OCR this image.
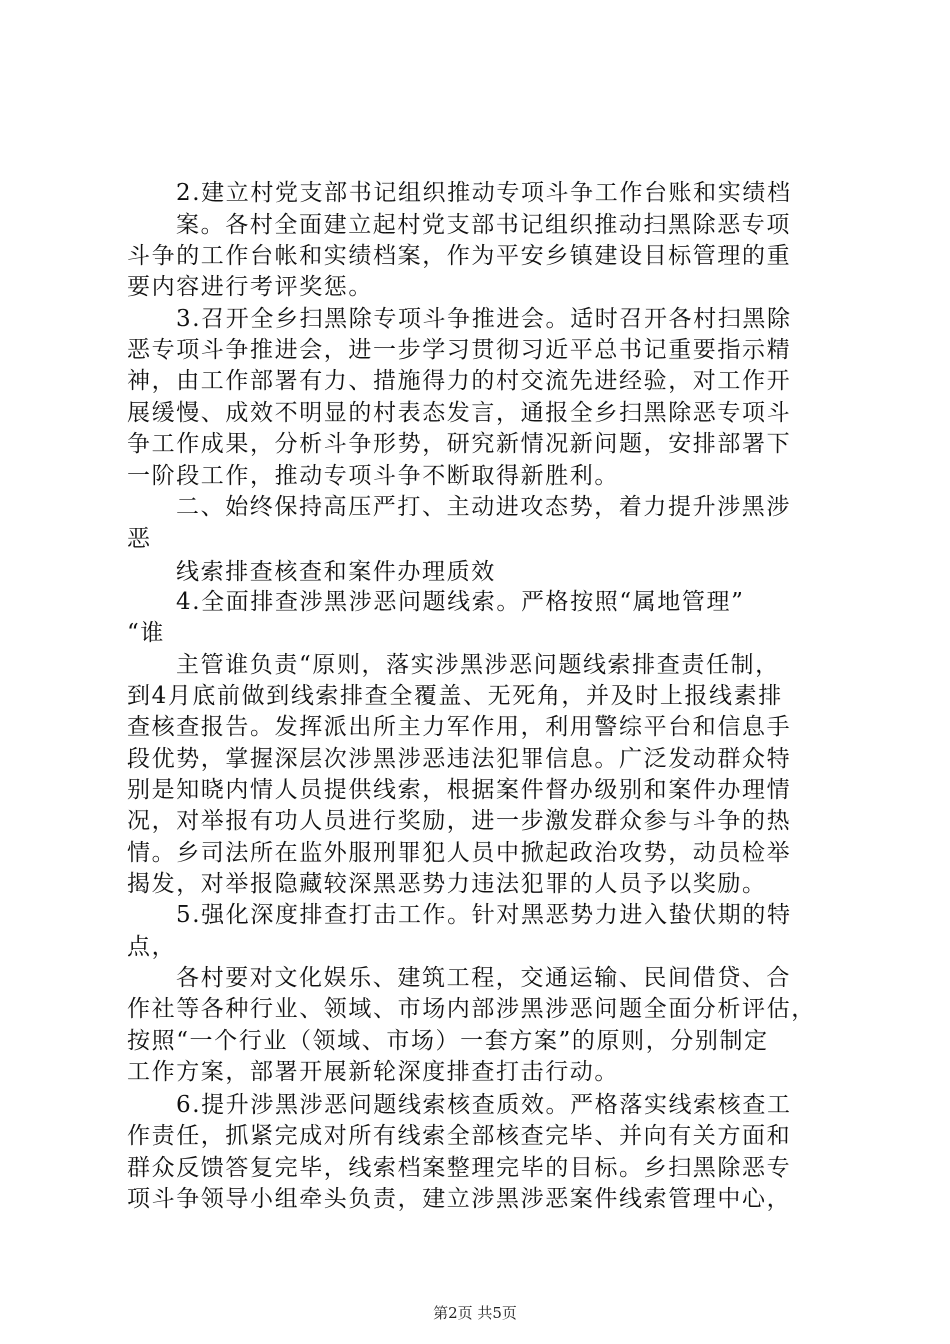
2.建立村党支部书记组织推动专项斗争工作台账和实绩档
案。各村全面建立起村党支部书记组织推动扫黑除恶专项
斗争的工作台帐和实绩档案，作为平安乡镇建设目标管理的重
要内容进行考评奖惩。
3.召开全乡扫黑除专项斗争推进会。适时召开各村扫黑除
恶专项斗争推进会，进一步学习贯彻习近平总书记重要指示精
神，由工作部署有力、措施得力的村交流先进经验，对工作开
展缓慢、成效不明显的村表态发言，通报全乡扫黑除恶专项斗
争工作成果，分析斗争形势，研究新情况新问题，安排部署下
一阶段工作，推动专项斗争不断取得新胜利。
二、始终保持高压严打、主动进攻态势，着力提升涉黑涉
恶
线索排查核查和案件办理质效
4.全面排查涉黑涉恶问题线索。严格按照“属地管理”
“谁
主管谁负责“原则，落实涉黑涉恶问题线索排查责任制，
到4月底前做到线索排查全覆盖、无死角，并及时上报线素排
查核查报告。发挥派出所主力军作用，利用警综平台和信息手
段优势，掌握深层次涉黑涉恶违法犯罪信息。广泛发动群众特
别是知晓内情人员提供线索，根据案件督办级别和案件办理情
况，对举报有功人员进行奖励，进一步激发群众参与斗争的热
情。乡司法所在监外服刑罪犯人员中掀起政治攻势，动员检举
揭发，对举报隐藏较深黑恶势力违法犯罪的人员予以奖励。
5.强化深度排查打击工作。针对黑恶势力进入蛰伏期的特
点，
各村要对文化娱乐、建筑工程，交通运输、民间借贷、合
作社等各种行业、领域、市场内部涉黑涉恶问题全面分析评估，
按照“一个行业（领域、市场）一套方案”的原则，分别制定
工作方案，部署开展新轮深度排查打击行动。
6.提升涉黑涉恶问题线索核查质效。严格落实线索核查工
作责任，抓紧完成对所有线索全部核查完毕、并向有关方面和
群众反馈答复完毕，线索档案整理完毕的目标。乡扫黑除恶专
项斗争领导小组牵头负责，建立涉黑涉恶案件线索管理中心，
第2页 共5页
